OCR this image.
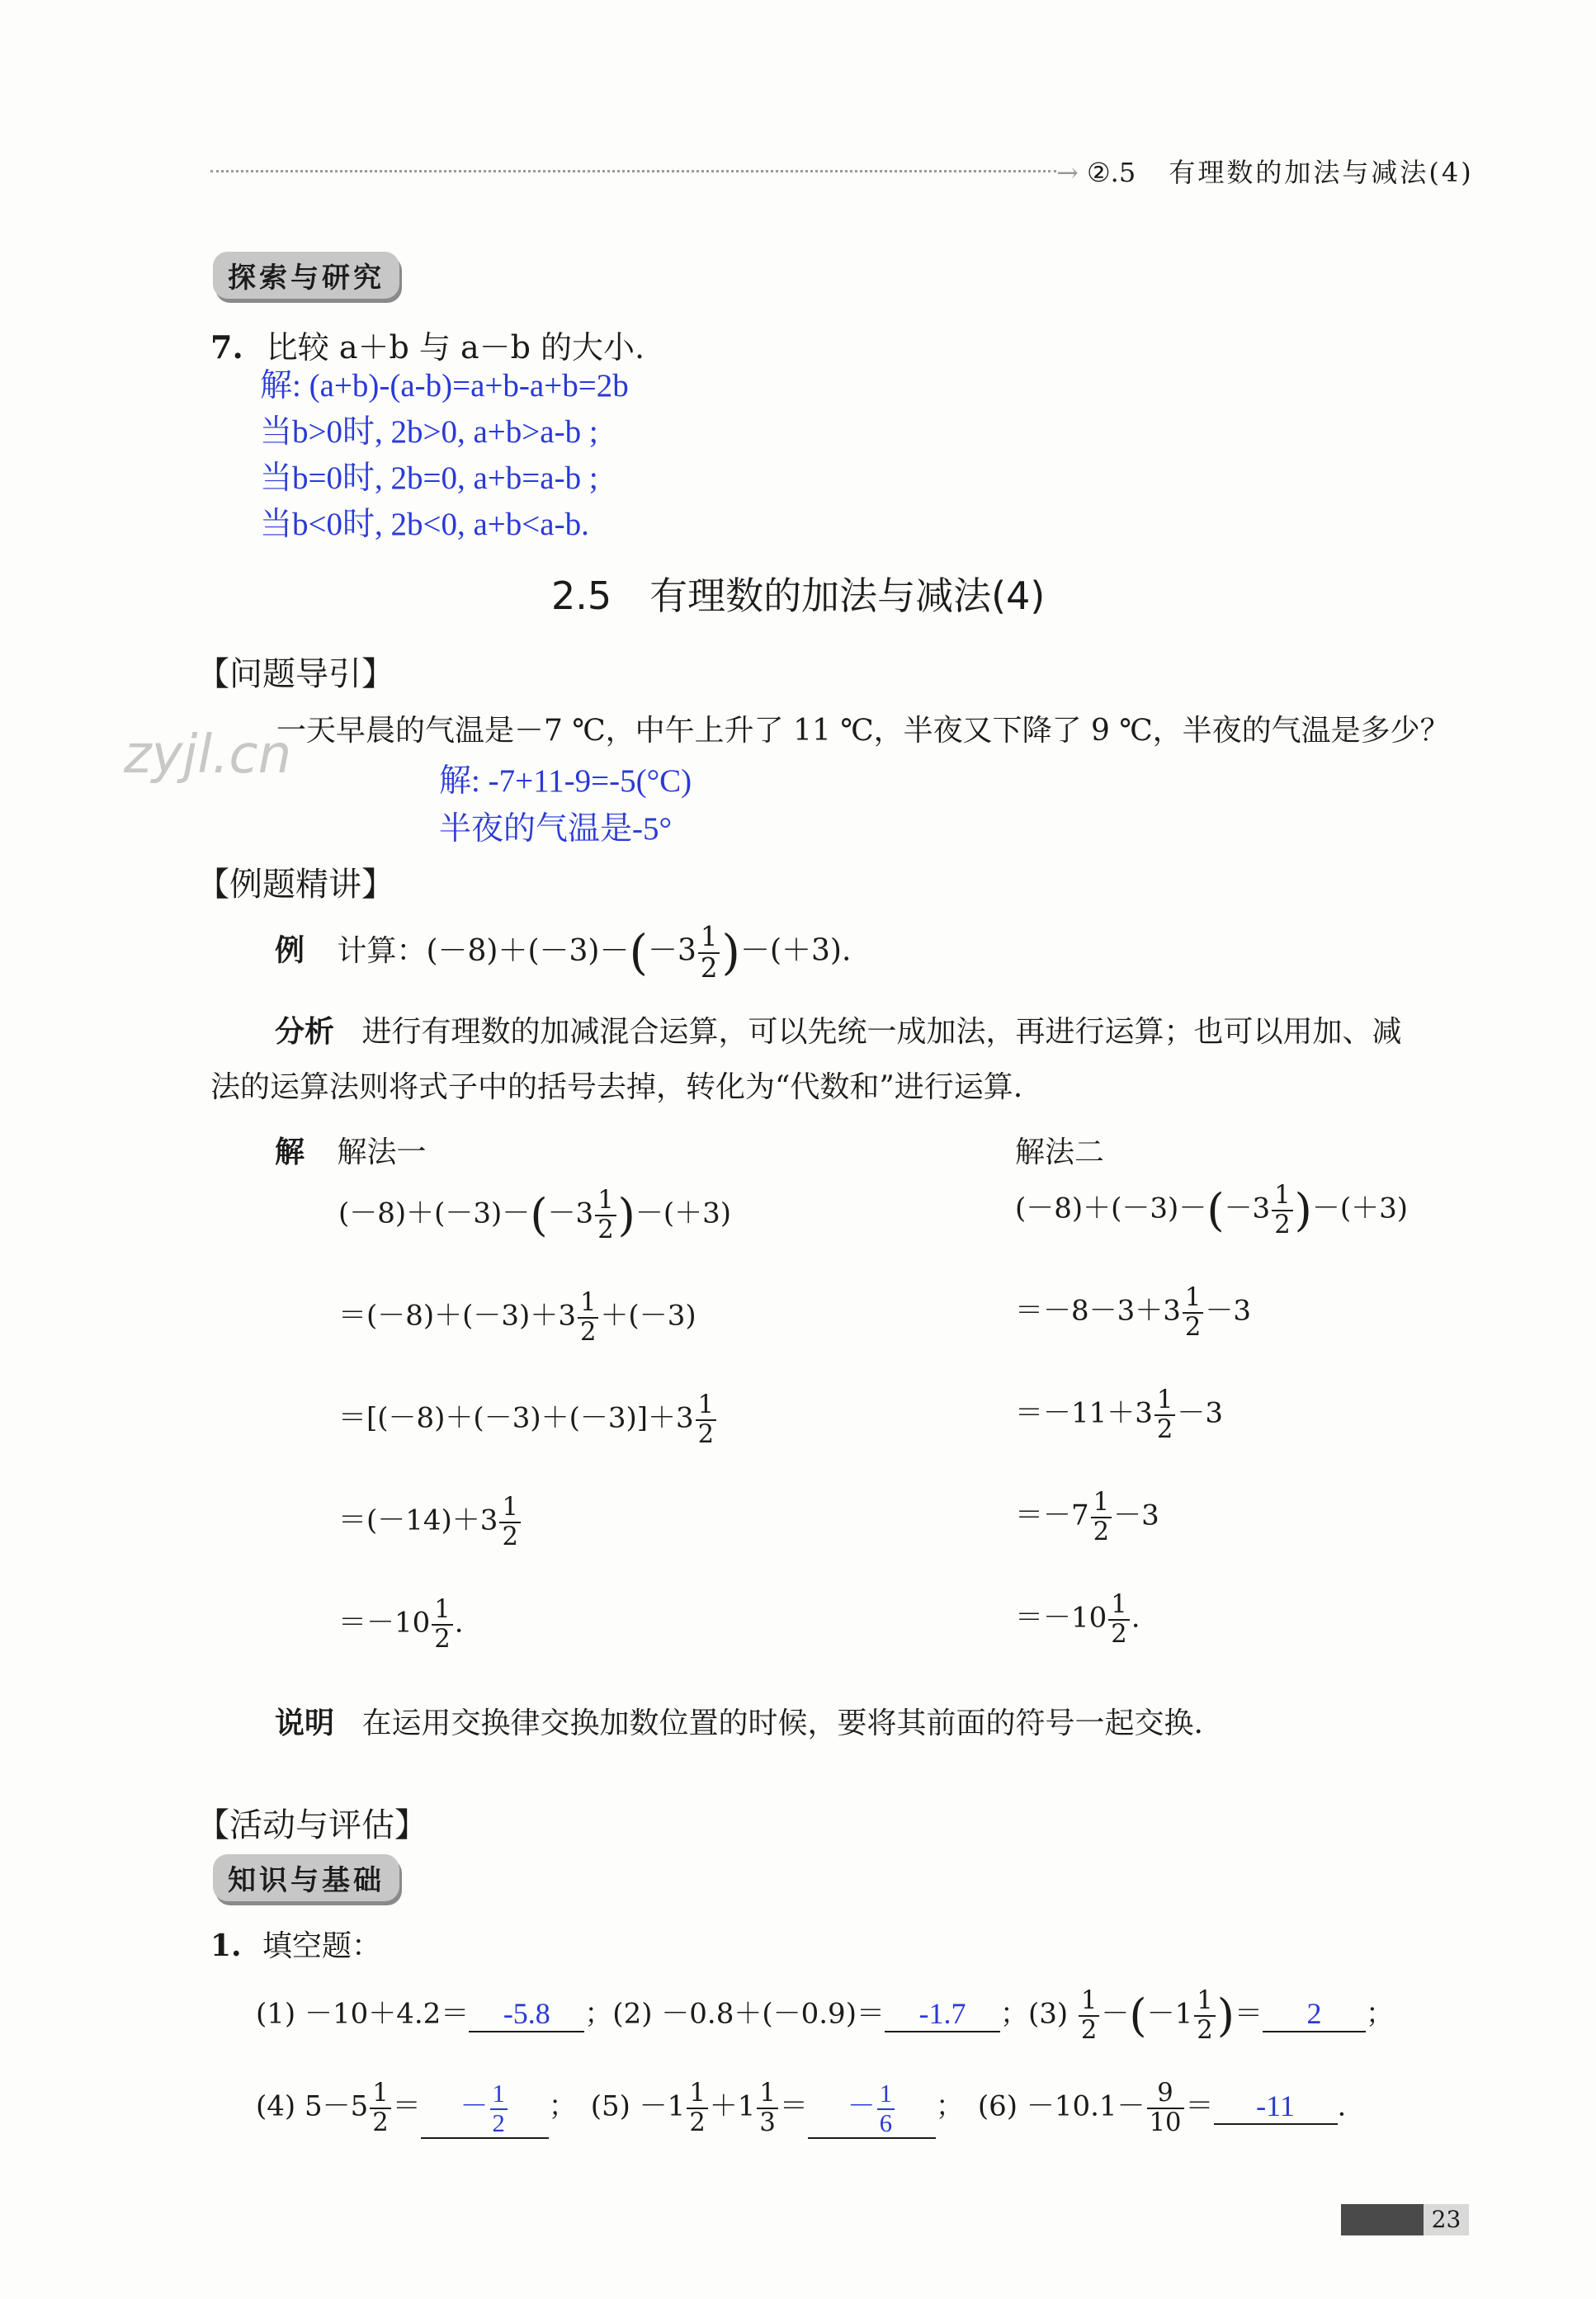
→ ②.5 有理数的加法与减法(4)
探索与研究
7. 比较 a＋b 与 a－b 的大小.
解: (a+b)-(a-b)=a+b-a+b=2b
当b>0时, 2b>0, a+b>a-b ;
当b=0时, 2b=0, a+b=a-b ;
当b<0时, 2b<0, a+b<a-b.
2.5　有理数的加法与减法(4)
【问题导引】
一天早晨的气温是－7 ℃，中午上升了 11 ℃，半夜又下降了 9 ℃，半夜的气温是多少？
zyjl.cn	解: -7+11-9=-5(°C)
半夜的气温是-5°
【例题精讲】
例 计算：$(-8)+(-3)-(-3 \frac{1}{2} )-(+3)$.
分析 进行有理数的加减混合运算，可以先统一成加法，再进行运算；也可以用加、减
法的运算法则将式子中的括号去掉，转化为“代数和”进行运算.
解 解法一	解法二
$(-8)+(-3)-(-3 \frac{1}{2} )-(+3)$
$=(-8)+(-3)+3 \frac{1}{2} +(-3)$
$=[(-8)+(-3)+(-3)]+3 \frac{1}{2}$
$=(-14)+3 \frac{1}{2}$
$=-10 \frac{1}{2}$ .
$(-8)+(-3)-(-3 \frac{1}{2} )-(+3)$
$=-8-3+3 \frac{1}{2} -3$
$=-11+3 \frac{1}{2} -3$
$=-7 \frac{1}{2} -3$
$=-10 \frac{1}{2}$ .
说明 在运用交换律交换加数位置的时候，要将其前面的符号一起交换.
【活动与评估】
知识与基础
1. 填空题：
(1) －10＋4.2＝ -5.8 ；(2) －0.8＋(－0.9)＝ -1.7 ；$(3) \frac{1}{2} -(-1 \frac{1}{2}$ )＝ 2 ；
(4) $5-5 \frac{1}{2}$ ＝ － $\frac{1}{2}$ ；　$(5) -1 \frac{1}{2} +1 \frac{1}{3}$ ＝ － $\frac{1}{6}$ ；　$(6) -10.1- \frac{9}{10} = -11$ .
23
